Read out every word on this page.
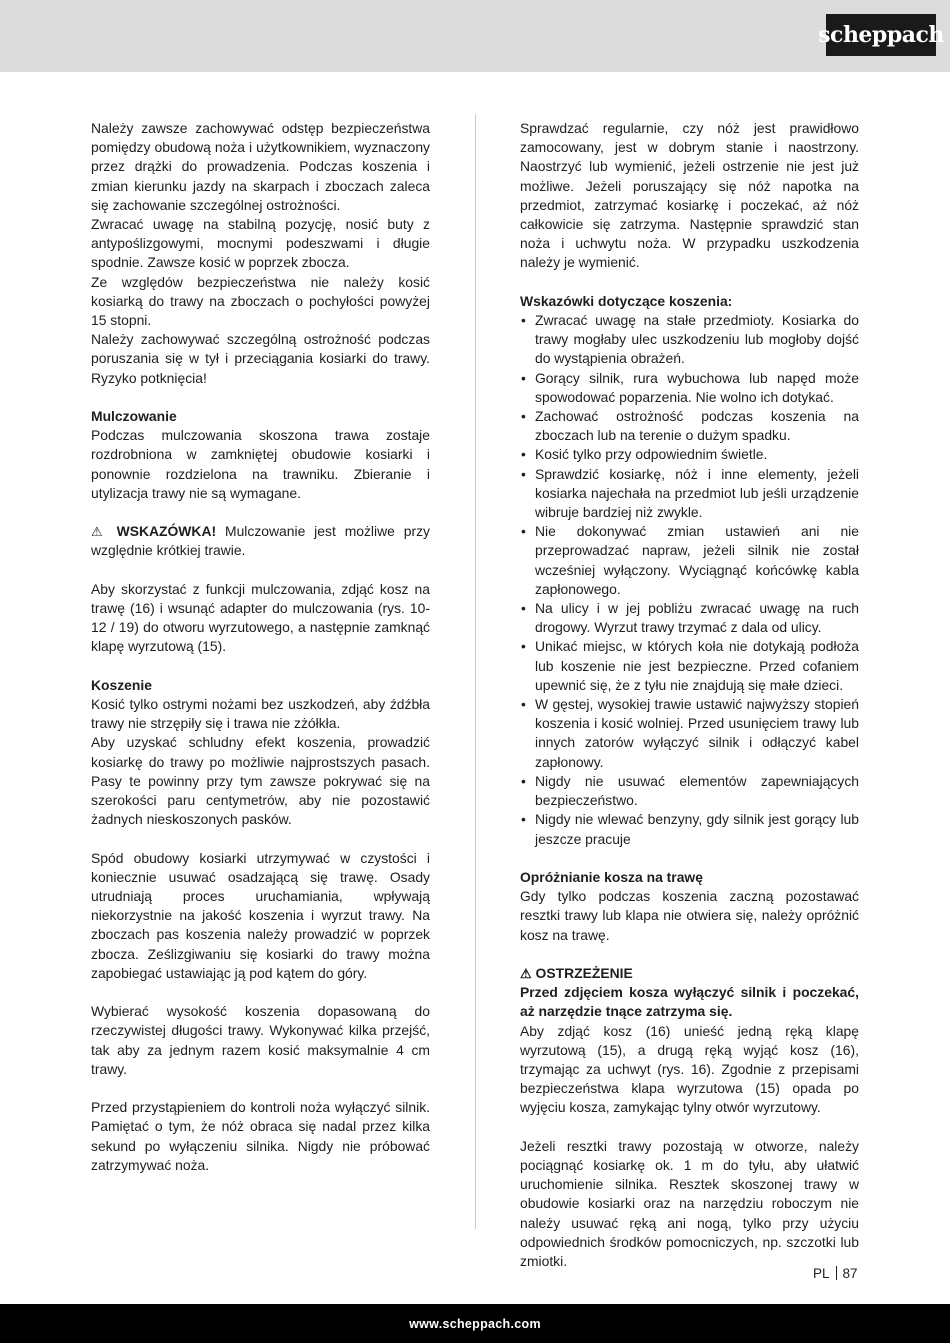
scheppach

Należy zawsze zachowywać odstęp bezpieczeństwa pomiędzy obudową noża i użytkownikiem, wyznaczony przez drążki do prowadzenia. Podczas koszenia i zmian kierunku jazdy na skarpach i zboczach zaleca się zachowanie szczególnej ostrożności.

Zwracać uwagę na stabilną pozycję, nosić buty z antypoślizgowymi, mocnymi podeszwami i długie spodnie. Zawsze kosić w poprzek zbocza.

Ze względów bezpieczeństwa nie należy kosić kosiarką do trawy na zboczach o pochyłości powyżej 15 stopni.

Należy zachowywać szczególną ostrożność podczas poruszania się w tył i przeciągania kosiarki do trawy. Ryzyko potknięcia!

Mulczowanie

Podczas mulczowania skoszona trawa zostaje rozdrobniona w zamkniętej obudowie kosiarki i ponownie rozdzielona na trawniku. Zbieranie i utylizacja trawy nie są wymagane.

⚠ WSKAZÓWKA! Mulczowanie jest możliwe przy względnie krótkiej trawie.

Aby skorzystać z funkcji mulczowania, zdjąć kosz na trawę (16) i wsunąć adapter do mulczowania (rys. 10-12 / 19) do otworu wyrzutowego, a następnie zamknąć klapę wyrzutową (15).

Koszenie

Kosić tylko ostrymi nożami bez uszkodzeń, aby źdźbła trawy nie strzępiły się i trawa nie zżółkła.

Aby uzyskać schludny efekt koszenia, prowadzić kosiarkę do trawy po możliwie najprostszych pasach. Pasy te powinny przy tym zawsze pokrywać się na szerokości paru centymetrów, aby nie pozostawić żadnych nieskoszonych pasków.

Spód obudowy kosiarki utrzymywać w czystości i koniecznie usuwać osadzającą się trawę. Osady utrudniają proces uruchamiania, wpływają niekorzystnie na jakość koszenia i wyrzut trawy. Na zboczach pas koszenia należy prowadzić w poprzek zbocza. Ześlizgiwaniu się kosiarki do trawy można zapobiegać ustawiając ją pod kątem do góry.

Wybierać wysokość koszenia dopasowaną do rzeczywistej długości trawy. Wykonywać kilka przejść, tak aby za jednym razem kosić maksymalnie 4 cm trawy.

Przed przystąpieniem do kontroli noża wyłączyć silnik. Pamiętać o tym, że nóż obraca się nadal przez kilka sekund po wyłączeniu silnika. Nigdy nie próbować zatrzymywać noża.

Sprawdzać regularnie, czy nóż jest prawidłowo zamocowany, jest w dobrym stanie i naostrzony. Naostrzyć lub wymienić, jeżeli ostrzenie nie jest już możliwe. Jeżeli poruszający się nóż napotka na przedmiot, zatrzymać kosiarkę i poczekać, aż nóż całkowicie się zatrzyma. Następnie sprawdzić stan noża i uchwytu noża. W przypadku uszkodzenia należy je wymienić.

Wskazówki dotyczące koszenia:

• Zwracać uwagę na stałe przedmioty. Kosiarka do trawy mogłaby ulec uszkodzeniu lub mogłoby dojść do wystąpienia obrażeń.
• Gorący silnik, rura wybuchowa lub napęd może spowodować poparzenia. Nie wolno ich dotykać.
• Zachować ostrożność podczas koszenia na zboczach lub na terenie o dużym spadku.
• Kosić tylko przy odpowiednim świetle.
• Sprawdzić kosiarkę, nóż i inne elementy, jeżeli kosiarka najechała na przedmiot lub jeśli urządzenie wibruje bardziej niż zwykle.
• Nie dokonywać zmian ustawień ani nie przeprowadzać napraw, jeżeli silnik nie został wcześniej wyłączony. Wyciągnąć końcówkę kabla zapłonowego.
• Na ulicy i w jej pobliżu zwracać uwagę na ruch drogowy. Wyrzut trawy trzymać z dala od ulicy.
• Unikać miejsc, w których koła nie dotykają podłoża lub koszenie nie jest bezpieczne. Przed cofaniem upewnić się, że z tyłu nie znajdują się małe dzieci.
• W gęstej, wysokiej trawie ustawić najwyższy stopień koszenia i kosić wolniej. Przed usunięciem trawy lub innych zatorów wyłączyć silnik i odłączyć kabel zapłonowy.
• Nigdy nie usuwać elementów zapewniających bezpieczeństwo.
• Nigdy nie wlewać benzyny, gdy silnik jest gorący lub jeszcze pracuje

Opróżnianie kosza na trawę

Gdy tylko podczas koszenia zaczną pozostawać resztki trawy lub klapa nie otwiera się, należy opróżnić kosz na trawę.

⚠ OSTRZEŻENIE

Przed zdjęciem kosza wyłączyć silnik i poczekać, aż narzędzie tnące zatrzyma się.

Aby zdjąć kosz (16) unieść jedną ręką klapę wyrzutową (15), a drugą ręką wyjąć kosz (16), trzymając za uchwyt (rys. 16). Zgodnie z przepisami bezpieczeństwa klapa wyrzutowa (15) opada po wyjęciu kosza, zamykając tylny otwór wyrzutowy.

Jeżeli resztki trawy pozostają w otworze, należy pociągnąć kosiarkę ok. 1 m do tyłu, aby ułatwić uruchomienie silnika. Resztek skoszonej trawy w obudowie kosiarki oraz na narzędziu roboczym nie należy usuwać ręką ani nogą, tylko przy użyciu odpowiednich środków pomocniczych, np. szczotki lub zmiotki.

PL 87
www.scheppach.com
